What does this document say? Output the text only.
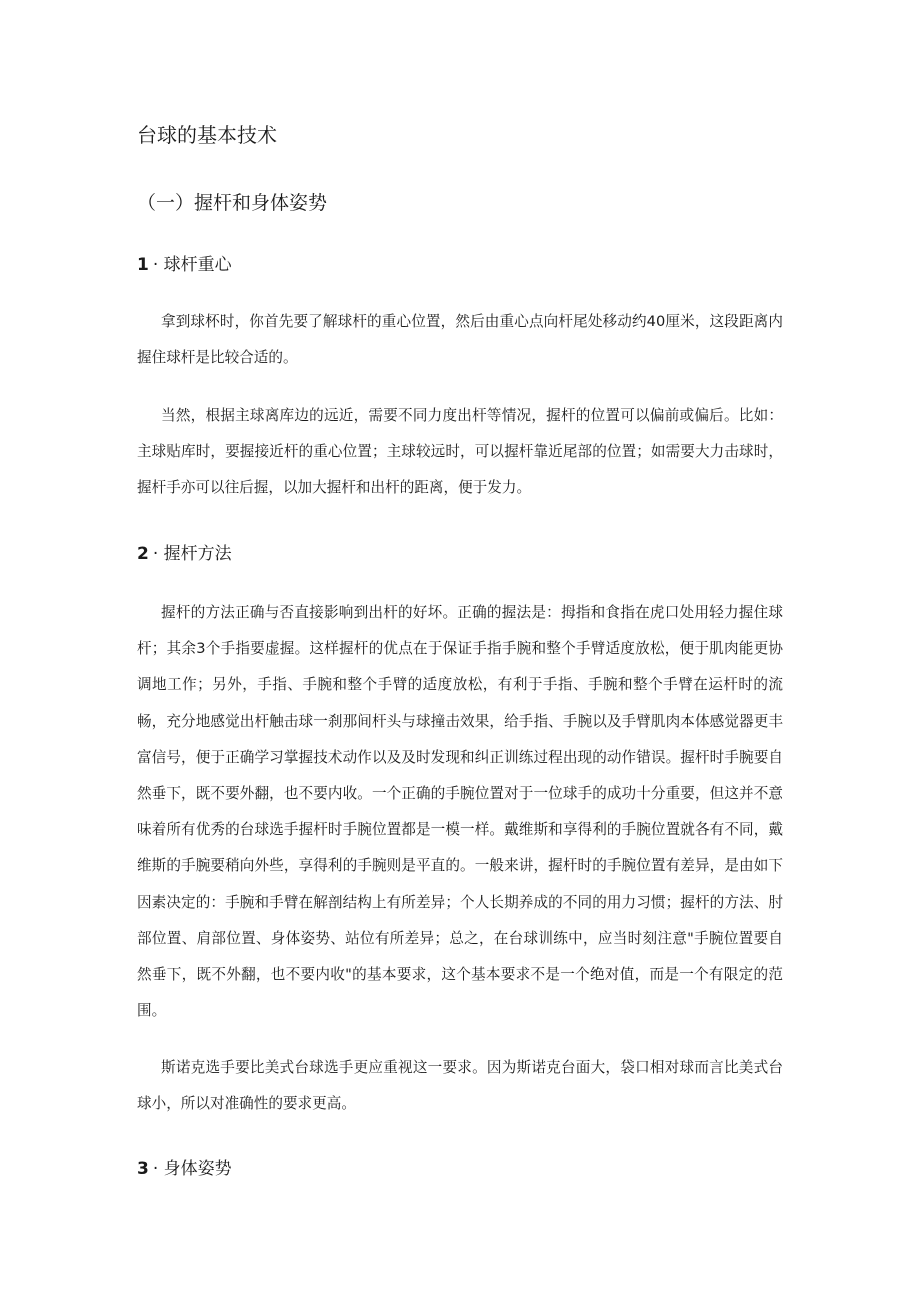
台球的基本技术
（一）握杆和身体姿势
1 · 球杆重心

拿到球杯时，你首先要了解球杆的重心位置，然后由重心点向杆尾处移动约40厘米，这段距离内握住球杆是比较合适的。

当然，根据主球离库边的远近，需要不同力度出杆等情况，握杆的位置可以偏前或偏后。比如：主球贴库时，要握接近杆的重心位置；主球较远时，可以握杆靠近尾部的位置；如需要大力击球时，握杆手亦可以往后握，以加大握杆和出杆的距离，便于发力。

2 · 握杆方法

握杆的方法正确与否直接影响到出杆的好坏。正确的握法是：拇指和食指在虎口处用轻力握住球杆；其余3个手指要虚握。这样握杆的优点在于保证手指手腕和整个手臂适度放松，便于肌肉能更协调地工作；另外，手指、手腕和整个手臂的适度放松，有利于手指、手腕和整个手臂在运杆时的流畅，充分地感觉出杆触击球一刹那间杆头与球撞击效果，给手指、手腕以及手臂肌肉本体感觉器更丰富信号，便于正确学习掌握技术动作以及及时发现和纠正训练过程出现的动作错误。握杆时手腕要自然垂下，既不要外翻，也不要内收。一个正确的手腕位置对于一位球手的成功十分重要，但这并不意味着所有优秀的台球选手握杆时手腕位置都是一模一样。戴维斯和享得利的手腕位置就各有不同，戴维斯的手腕要稍向外些，享得利的手腕则是平直的。一般来讲，握杆时的手腕位置有差异，是由如下因素决定的：手腕和手臂在解剖结构上有所差异；个人长期养成的不同的用力习惯；握杆的方法、肘部位置、肩部位置、身体姿势、站位有所差异；总之，在台球训练中，应当时刻注意"手腕位置要自然垂下，既不外翻，也不要内收"的基本要求，这个基本要求不是一个绝对值，而是一个有限定的范围。

斯诺克选手要比美式台球选手更应重视这一要求。因为斯诺克台面大，袋口相对球而言比美式台球小，所以对准确性的要求更高。

3 · 身体姿势
